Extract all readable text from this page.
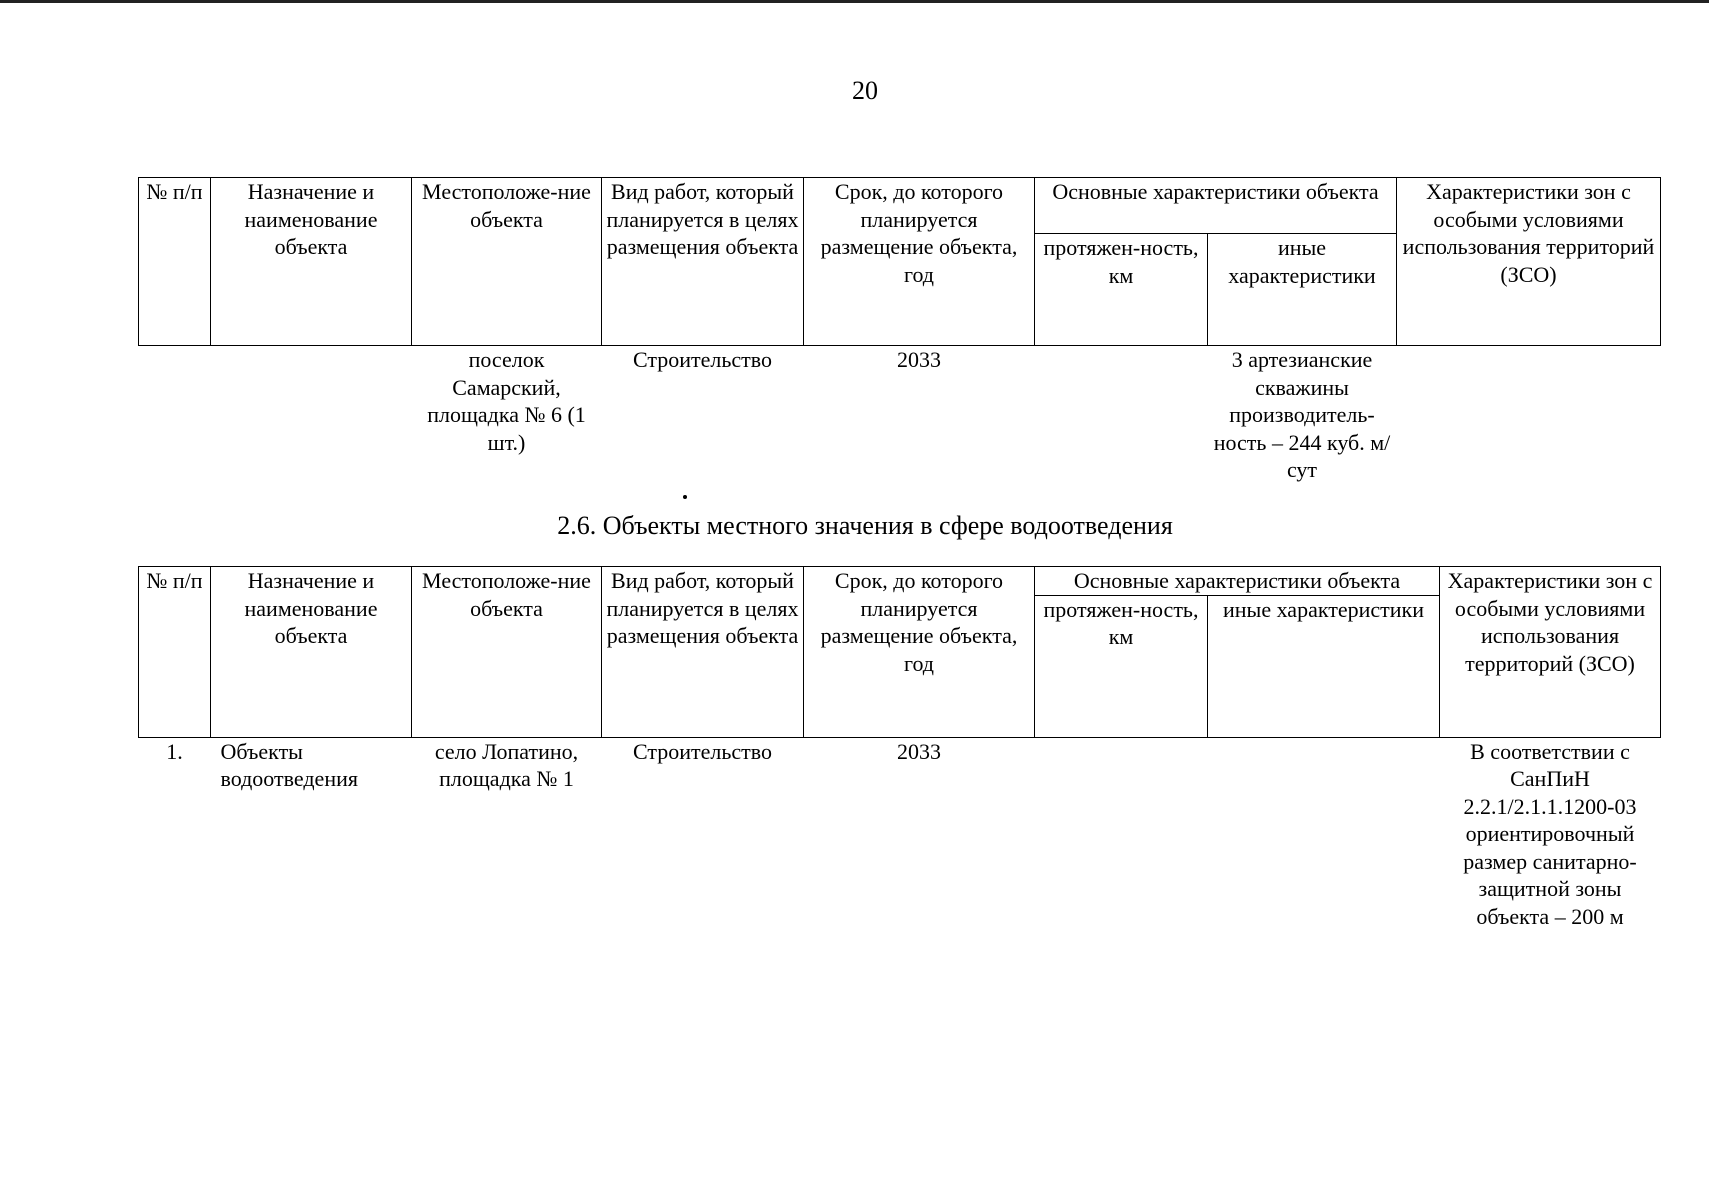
20
№ п/п	Назначение и наименование объекта	Местоположе-ние объекта	Вид работ, который планируется в целях размещения объекта	Срок, до которого планируется размещение объекта, год	Основные характеристики объекта		Характеристики зон с особыми условиями использования территорий (ЗСО)
					протяжен-ность, км	иные характеристики	
		поселок Самарский, площадка № 6 (1 шт.)	Строительство	2033		3 артезианские скважины производитель-ность – 244 куб. м/сут	
2.6. Объекты местного значения в сфере водоотведения
№ п/п	Назначение и наименование объекта	Местоположе-ние объекта	Вид работ, который планируется в целях размещения объекта	Срок, до которого планируется размещение объекта, год	Основные характеристики объекта		Характеристики зон с особыми условиями использования территорий (ЗСО)
					протяжен-ность, км	иные характеристики	
1.	Объекты водоотведения	село Лопатино, площадка № 1	Строительство	2033			В соответствии с СанПиН 2.2.1/2.1.1.1200-03 ориентировочный размер санитарно-защитной зоны объекта – 200 м
